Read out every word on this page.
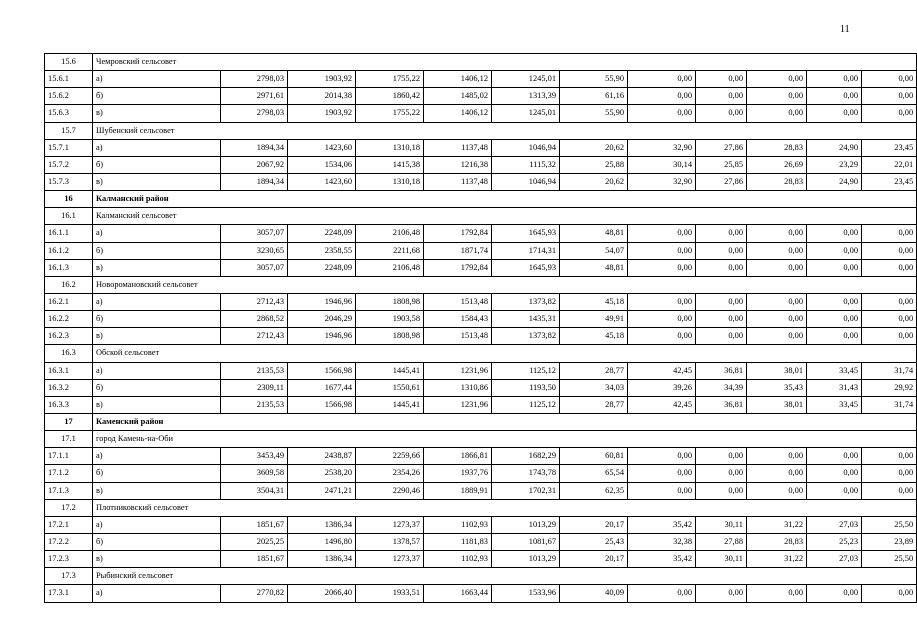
11
15.6	Чемровский сельсовет											
15.6.1	а)	2798,03	1903,92	1755,22	1406,12	1245,01	55,90	0,00	0,00	0,00	0,00	0,00
15.6.2	б)	2971,61	2014,38	1860,42	1485,02	1313,39	61,16	0,00	0,00	0,00	0,00	0,00
15.6.3	в)	2798,03	1903,92	1755,22	1406,12	1245,01	55,90	0,00	0,00	0,00	0,00	0,00
15.7	Шубенский сельсовет											
15.7.1	а)	1894,34	1423,60	1310,18	1137,48	1046,94	20,62	32,90	27,86	28,83	24,90	23,45
15.7.2	б)	2067,92	1534,06	1415,38	1216,38	1115,32	25,88	30,14	25,85	26,69	23,29	22,01
15.7.3	в)	1894,34	1423,60	1310,18	1137,48	1046,94	20,62	32,90	27,86	28,83	24,90	23,45
16	Калманский район											
16.1	Калманский сельсовет											
16.1.1	а)	3057,07	2248,09	2106,48	1792,84	1645,93	48,81	0,00	0,00	0,00	0,00	0,00
16.1.2	б)	3230,65	2358,55	2211,68	1871,74	1714,31	54,07	0,00	0,00	0,00	0,00	0,00
16.1.3	в)	3057,07	2248,09	2106,48	1792,84	1645,93	48,81	0,00	0,00	0,00	0,00	0,00
16.2	Новоромановский сельсовет											
16.2.1	а)	2712,43	1946,96	1808,98	1513,48	1373,82	45,18	0,00	0,00	0,00	0,00	0,00
16.2.2	б)	2868,52	2046,29	1903,58	1584,43	1435,31	49,91	0,00	0,00	0,00	0,00	0,00
16.2.3	в)	2712,43	1946,96	1808,98	1513,48	1373,82	45,18	0,00	0,00	0,00	0,00	0,00
16.3	Обской сельсовет											
16.3.1	а)	2135,53	1566,98	1445,41	1231,96	1125,12	28,77	42,45	36,81	38,01	33,45	31,74
16.3.2	б)	2309,11	1677,44	1550,61	1310,86	1193,50	34,03	39,26	34,39	35,43	31,43	29,92
16.3.3	в)	2135,53	1566,98	1445,41	1231,96	1125,12	28,77	42,45	36,81	38,01	33,45	31,74
17	Каменский район											
17.1	город Камень-на-Оби											
17.1.1	а)	3453,49	2438,87	2259,66	1866,81	1682,29	60,81	0,00	0,00	0,00	0,00	0,00
17.1.2	б)	3609,58	2538,20	2354,26	1937,76	1743,78	65,54	0,00	0,00	0,00	0,00	0,00
17.1.3	в)	3504,31	2471,21	2290,46	1889,91	1702,31	62,35	0,00	0,00	0,00	0,00	0,00
17.2	Плотниковский сельсовет											
17.2.1	а)	1851,67	1386,34	1273,37	1102,93	1013,29	20,17	35,42	30,11	31,22	27,03	25,50
17.2.2	б)	2025,25	1496,80	1378,57	1181,83	1081,67	25,43	32,38	27,88	28,83	25,23	23,89
17.2.3	в)	1851,67	1386,34	1273,37	1102,93	1013,29	20,17	35,42	30,11	31,22	27,03	25,50
17.3	Рыбинский сельсовет											
17.3.1	а)	2770,82	2066,40	1933,51	1663,44	1533,96	40,09	0,00	0,00	0,00	0,00	0,00
